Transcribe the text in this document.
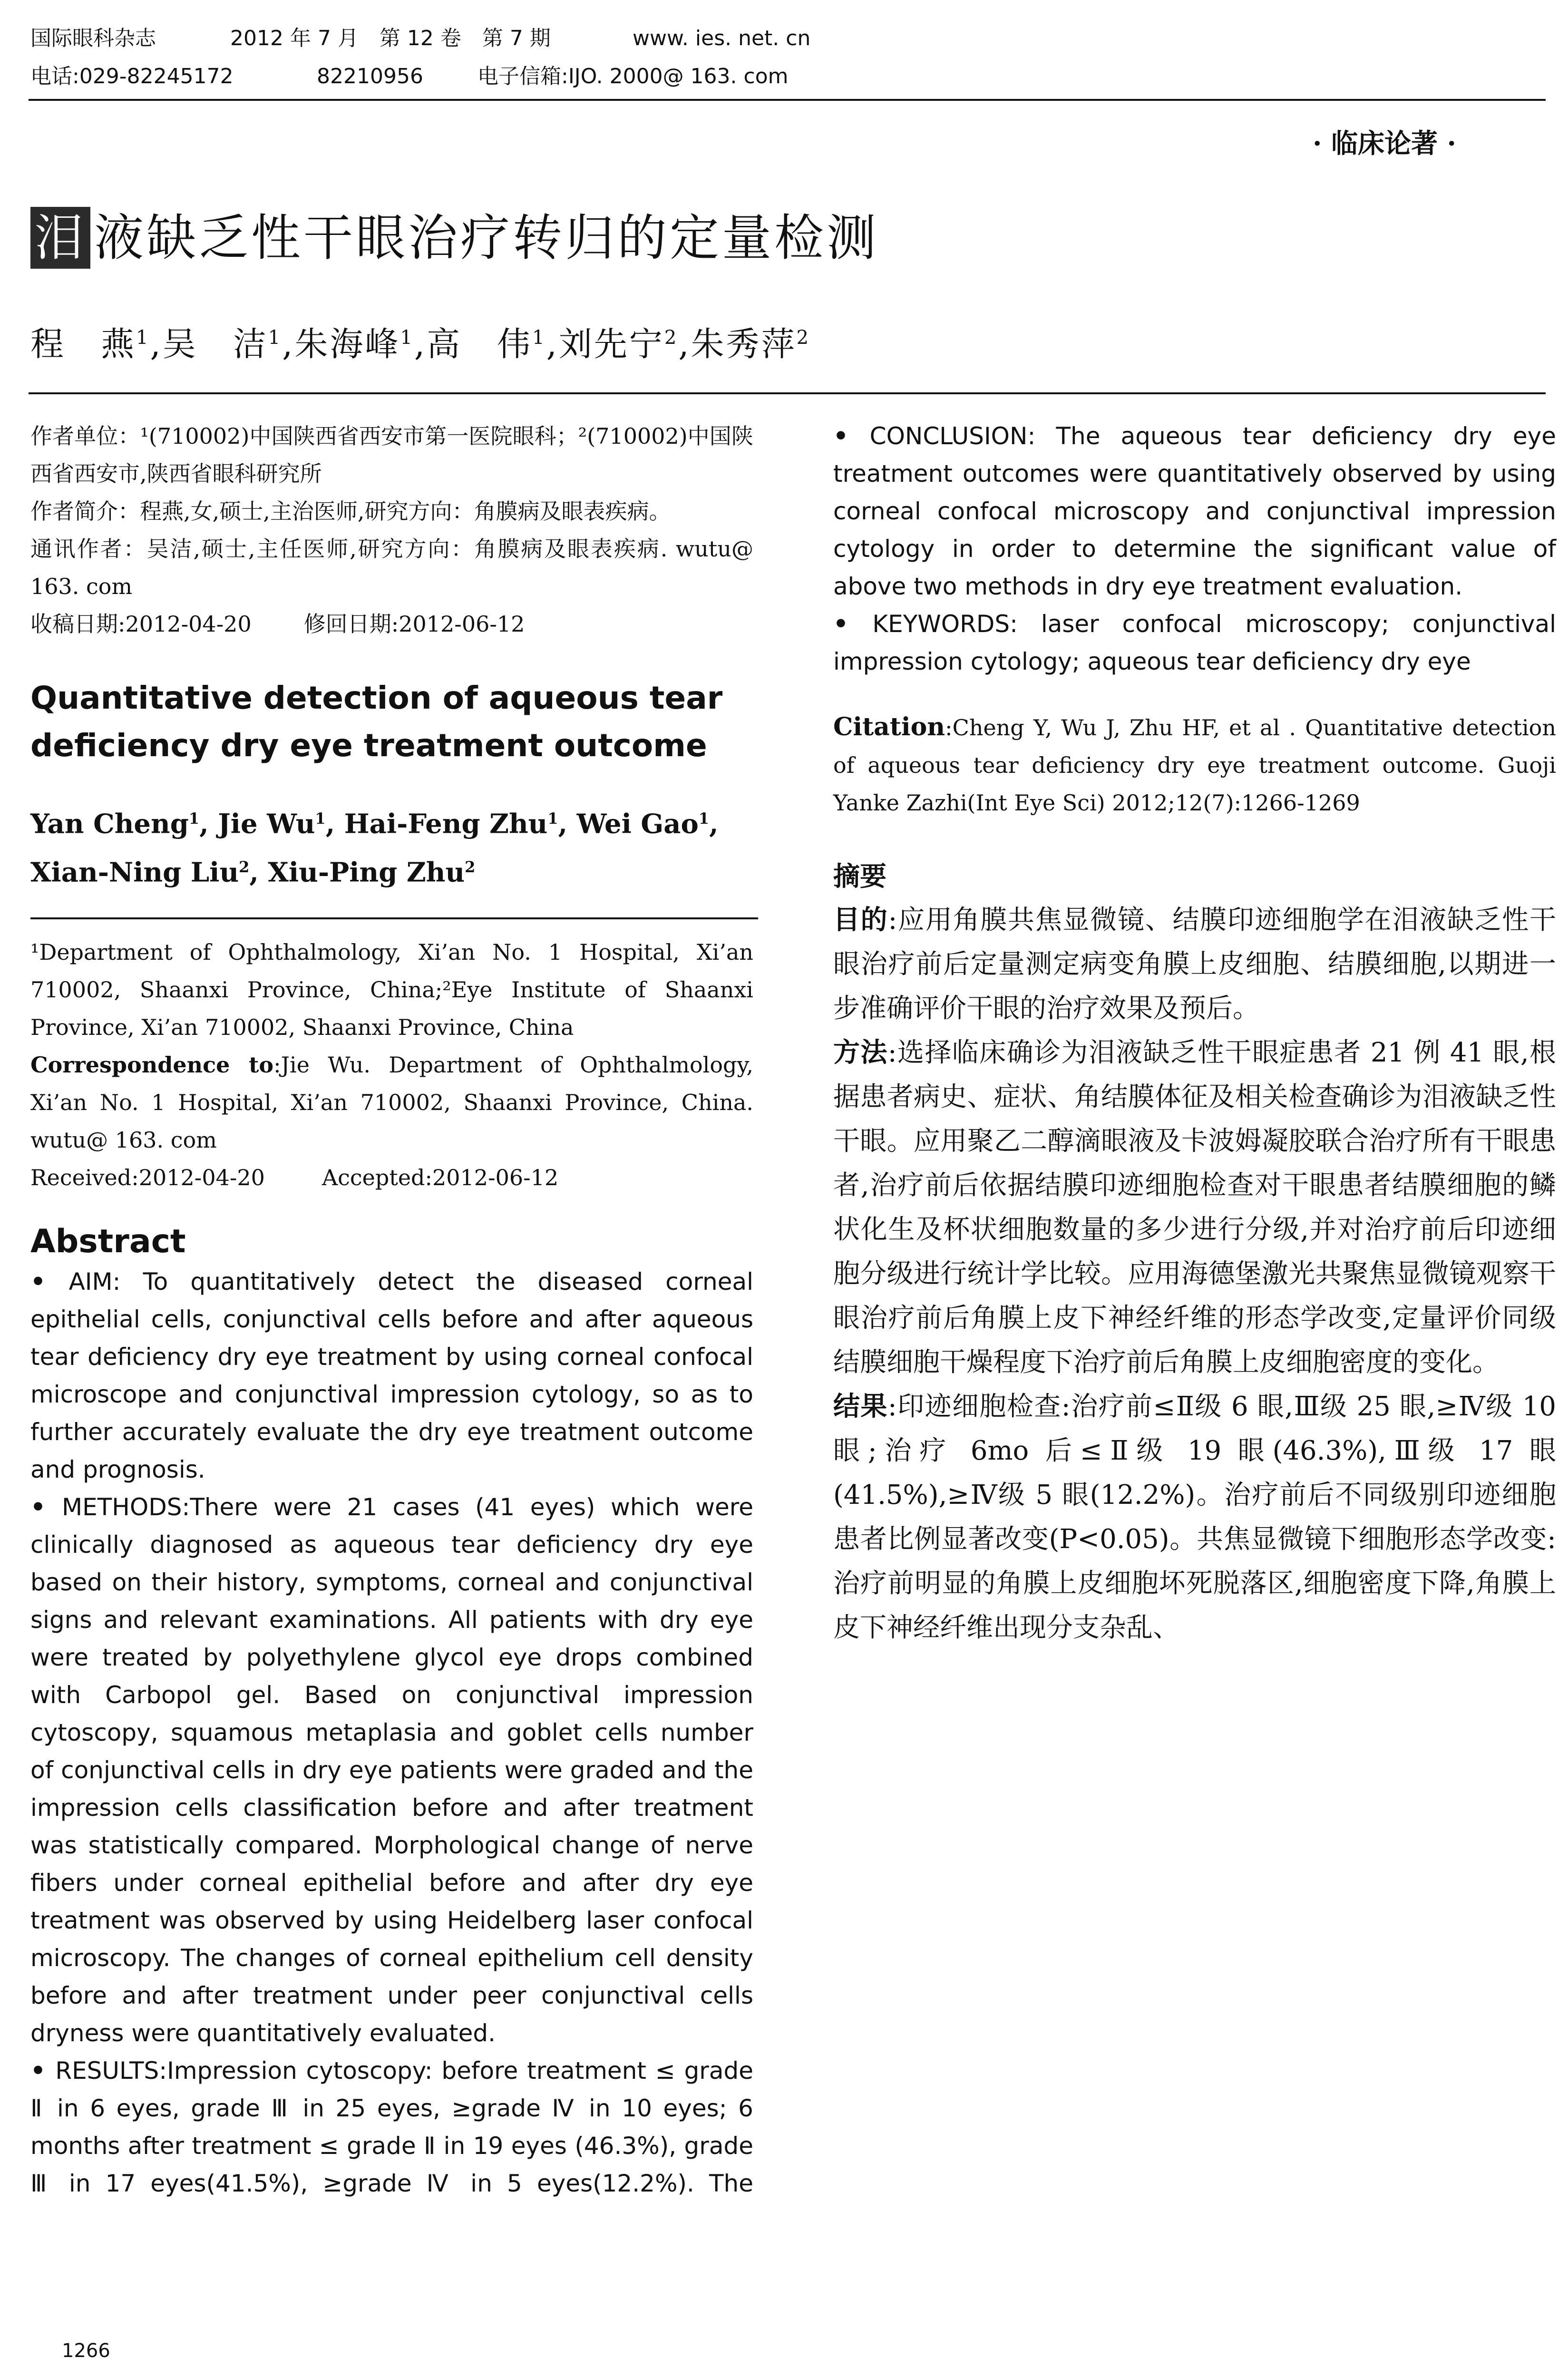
国际眼科杂志	2012 年 7 月　第 12 卷　第 7 期	www. ies. net. cn
电话:029-82245172	82210956	电子信箱:IJO. 2000@ 163. com
· 临床论著 ·
泪 液缺乏性干眼治疗转归的定量检测
程　燕$^1$,吴　洁$^1$,朱海峰$^1$,高　伟$^1$,刘先宁$^2$,朱秀萍$^2$

作者单位：¹(710002)中国陕西省西安市第一医院眼科；²(710002)中国陕西省西安市,陕西省眼科研究所

作者简介：程燕,女,硕士,主治医师,研究方向：角膜病及眼表疾病。

通讯作者：吴洁,硕士,主任医师,研究方向：角膜病及眼表疾病. wutu@ 163. com

收稿日期:2012-04-20 修回日期:2012-06-12

Quantitative detection of aqueous tear deficiency dry eye treatment outcome
Yan Cheng$^1$, Jie Wu$^1$, Hai-Feng Zhu$^1$, Wei Gao$^1$, Xian-Ning Liu$^2$, Xiu-Ping Zhu$^2$

¹Department of Ophthalmology, Xi’an No. 1 Hospital, Xi’an 710002, Shaanxi Province, China;²Eye Institute of Shaanxi Province, Xi’an 710002, Shaanxi Province, China

Correspondence to:Jie Wu. Department of Ophthalmology, Xi’an No. 1 Hospital, Xi’an 710002, Shaanxi Province, China. wutu@ 163. com

Received:2012-04-20	Accepted:2012-06-12

Abstract

• AIM: To quantitatively detect the diseased corneal epithelial cells, conjunctival cells before and after aqueous tear deficiency dry eye treatment by using corneal confocal microscope and conjunctival impression cytology, so as to further accurately evaluate the dry eye treatment outcome and prognosis.

• METHODS:There were 21 cases (41 eyes) which were clinically diagnosed as aqueous tear deficiency dry eye based on their history, symptoms, corneal and conjunctival signs and relevant examinations. All patients with dry eye were treated by polyethylene glycol eye drops combined with Carbopol gel. Based on conjunctival impression cytoscopy, squamous metaplasia and goblet cells number of conjunctival cells in dry eye patients were graded and the impression cells classification before and after treatment was statistically compared. Morphological change of nerve fibers under corneal epithelial before and after dry eye treatment was observed by using Heidelberg laser confocal microscopy. The changes of corneal epithelium cell density before and after treatment under peer conjunctival cells dryness were quantitatively evaluated.

• RESULTS:Impression cytoscopy: before treatment ≤ grade Ⅱ in 6 eyes, grade Ⅲ in 25 eyes, ≥grade Ⅳ in 10 eyes; 6 months after treatment ≤ grade Ⅱ in 19 eyes (46.3%), grade Ⅲ in 17 eyes(41.5%), ≥grade Ⅳ in 5 eyes(12.2%). The

• CONCLUSION: The aqueous tear deficiency dry eye treatment outcomes were quantitatively observed by using corneal confocal microscopy and conjunctival impression cytology in order to determine the significant value of above two methods in dry eye treatment evaluation.

• KEYWORDS: laser confocal microscopy; conjunctival impression cytology; aqueous tear deficiency dry eye

Citation:Cheng Y, Wu J, Zhu HF, et al . Quantitative detection of aqueous tear deficiency dry eye treatment outcome. Guoji Yanke Zazhi(Int Eye Sci) 2012;12(7):1266-1269
摘要

目的:应用角膜共焦显微镜、结膜印迹细胞学在泪液缺乏性干眼治疗前后定量测定病变角膜上皮细胞、结膜细胞,以期进一步准确评价干眼的治疗效果及预后。

方法:选择临床确诊为泪液缺乏性干眼症患者 21 例 41 眼,根据患者病史、症状、角结膜体征及相关检查确诊为泪液缺乏性干眼。应用聚乙二醇滴眼液及卡波姆凝胶联合治疗所有干眼患者,治疗前后依据结膜印迹细胞检查对干眼患者结膜细胞的鳞状化生及杯状细胞数量的多少进行分级,并对治疗前后印迹细胞分级进行统计学比较。应用海德堡激光共聚焦显微镜观察干眼治疗前后角膜上皮下神经纤维的形态学改变,定量评价同级结膜细胞干燥程度下治疗前后角膜上皮细胞密度的变化。

结果:印迹细胞检查:治疗前≤Ⅱ级 6 眼,Ⅲ级 25 眼,≥Ⅳ级 10 眼;治疗 6mo 后≤Ⅱ级 19 眼(46.3%),Ⅲ级 17 眼(41.5%),≥Ⅳ级 5 眼(12.2%)。治疗前后不同级别印迹细胞患者比例显著改变(P<0.05)。共焦显微镜下细胞形态学改变:治疗前明显的角膜上皮细胞坏死脱落区,细胞密度下降,角膜上皮下神经纤维出现分支杂乱、

1266
